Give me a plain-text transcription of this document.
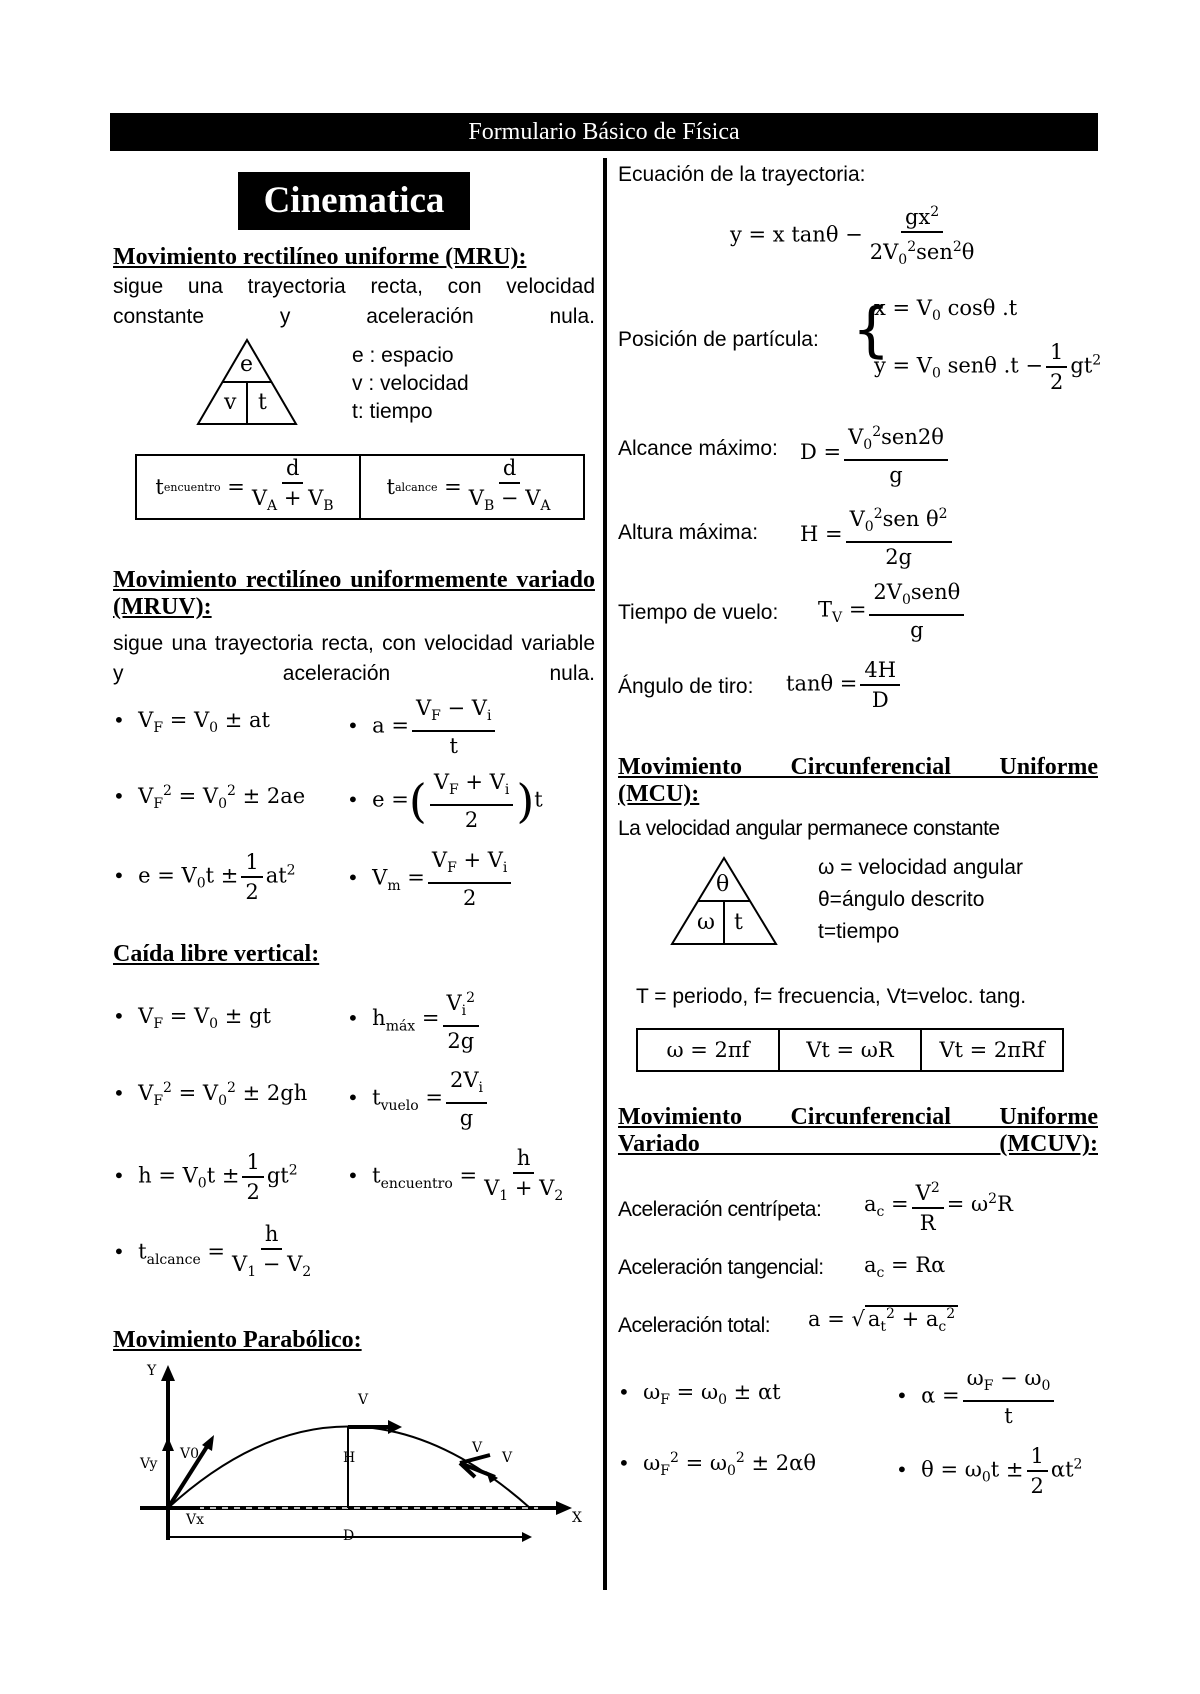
Formulario Básico de Física
Cinematica
Movimiento rectilíneo uniforme (MRU):
sigue una trayectoria recta, con velocidad constante y aceleración nula.
e
v t
e : espacio
v : velocidad
t: tiempo
t encuentro = $\frac{d}{V_A + V_B}$ t alcance = $\frac{d}{V_B - V_A}$
Movimiento rectilíneo uniformemente variado (MRUV):
sigue una trayectoria recta, con velocidad variable y aceleración nula.
•  $V_F = V_0$ ± at	•  $a = \frac{V_F - V_i}{t}$
•  $V_F^2 = V_0^2 \pm 2ae$ •  e =( $\frac{V_F + V_i}{2} )t$
•  $e = V_0t \pm \frac{1}{2} at^2$	•  $V_m = \frac{V_F + V_i}{2}$
Caída libre vertical:
•  $V_F = V_0$ ± gt	•  $h_{máx} = \frac{V_i^2}{2g}$
•  $V_F^2 = V_0^2 \pm 2gh$ •  $t_{vuelo} = \frac{2V_i}{g}$
•  $h = V_0t \pm \frac{1}{2} gt^2$ •  $t_{encuentro} = \frac{h}{V_1 + V_2}$
•  $t_{alcance} = \frac{h}{V_1 - V_2}$
Movimiento Parabólico:
Y
X
Vy
V0
Vx
V
H
D
V
V
Ecuación de la trayectoria:
y = x $\tan\theta - \frac{gx^2}{2V_0^2sen^2\theta}$
Posición de partícula: {
$x = V_0$ cosθ .t
$y = V_0$ senθ $.t - \frac{1}{2} gt^2$
Alcance máximo: $D = \frac{V_0^2sen2\theta}{g}$
Altura máxima: $H = \frac{V_0^2sen \theta^2}{2g}$
Tiempo de vuelo: $T_V = \frac{2V_0sen\theta}{g}$
Ángulo de tiro: $\tan\theta = \frac{4H}{D}$
Movimiento Circunferencial Uniforme (MCU):
La velocidad angular permanece constante
θ
ω t
ω = velocidad angular
θ=ángulo descrito
t=tiempo
T = periodo, f= frecuencia, Vt=veloc. tang.
ω = 2πf	Vt = ωR	Vt = 2πRf
Movimiento Circunferencial Uniforme Variado (MCUV):
Aceleración centrípeta: $a_c = \frac{V^2}{R} = \omega^2R$
Aceleración tangencial: $a_c = R\alpha$
Aceleración total: a = √ $a_t^2 + a_c^2$
•  $\omega_F = \omega_0 \pm \alpha t$	•  $\alpha = \frac{\omega_F - \omega_0}{t}$
•  $\omega_F^2 = \omega_0^2 \pm 2\alpha\theta$	•  $\theta = \omega_0t \pm \frac{1}{2} \alpha t^2$
